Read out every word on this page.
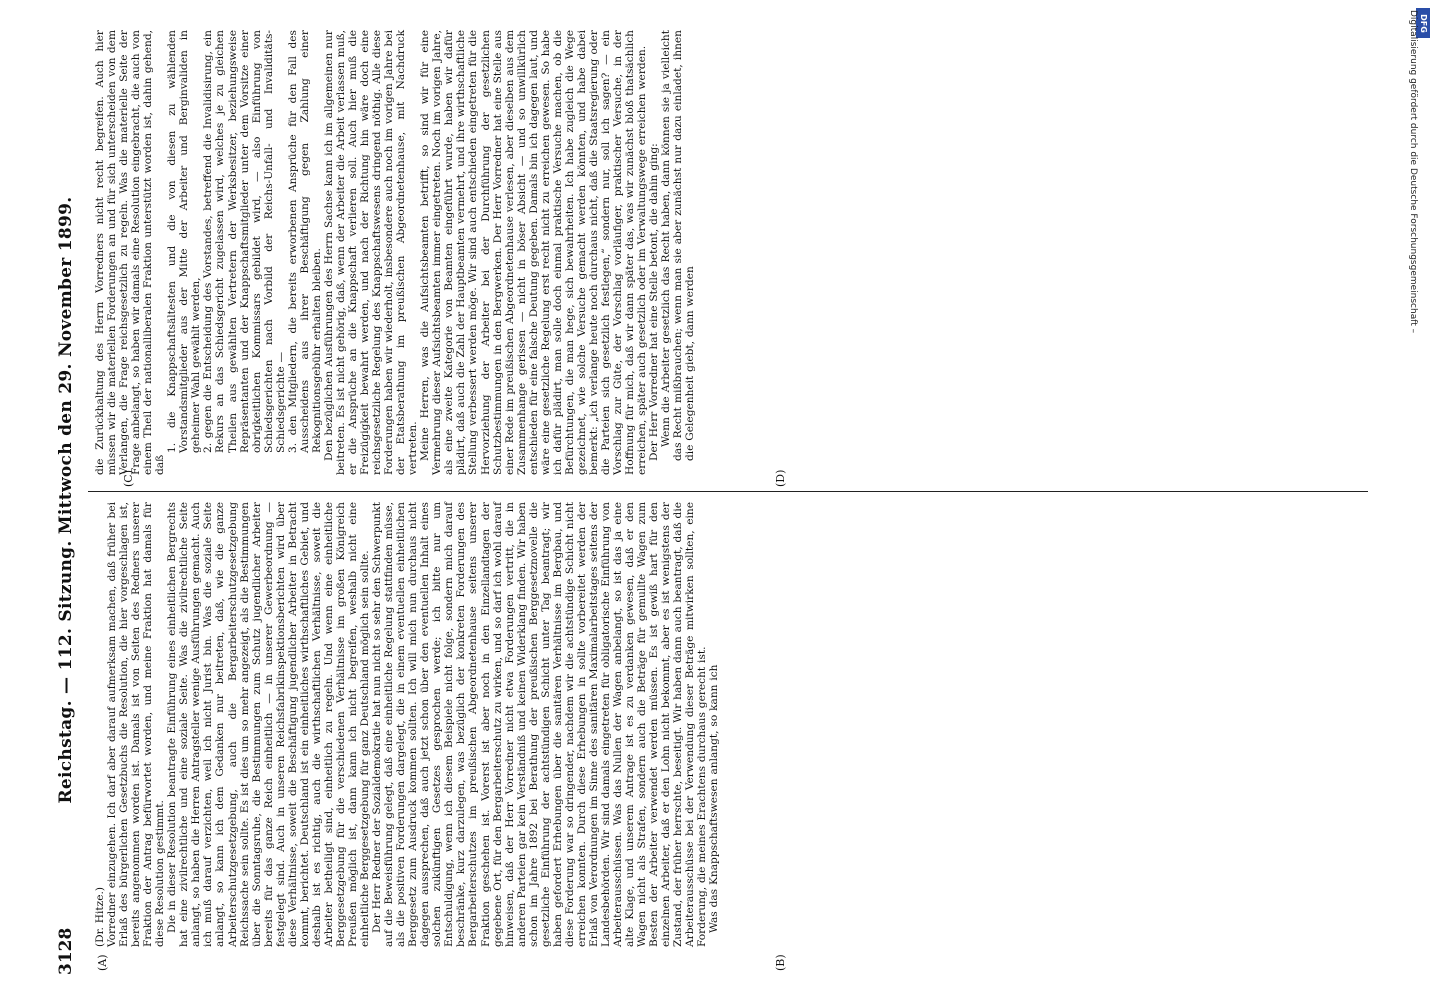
3128
Reichstag. — 112. Sitzung. Mittwoch den 29. November 1899.

(Dr. Hitze.) Vorredner einzugehen. Ich darf aber darauf aufmerksam machen, daß früher bei Erlaß des bürgerlichen Gesetzbuchs die Resolution, die hier vorgeschlagen ist, bereits angenommen worden ist. Damals ist von Seiten des Redners unserer Fraktion der Antrag befürwortet worden, und meine Fraktion hat damals für diese Resolution gestimmt. Die in dieser Resolution beantragte Einführung eines einheitlichen Bergrechts hat eine zivilrechtliche und eine soziale Seite. Was die zivilrechtliche Seite anlangt, so haben die Herren Antragsteller wenige Ausführungen gemacht. Auch ich muß darauf verzichten, weil ich nicht Jurist bin. Was die soziale Seite anlangt, so kann ich dem Gedanken nur beitreten, daß, wie die ganze Arbeiterschutzgesetzgebung, auch die Bergarbeiterschutzgesetzgebung Reichssache sein sollte. Es ist dies um so mehr angezeigt, als die Bestimmungen über die Sonntagsruhe, die Bestimmungen zum Schutz jugendlicher Arbeiter bereits für das ganze Reich einheitlich — in unserer Gewerbeordnung — festgelegt sind. Auch in unseren Reichsfabrikinspektionsberichten wird über diese Verhältnisse, soweit die Beschäftigung jugendlicher Arbeiter in Betracht kommt, berichtet. Deutschland ist ein einheitliches wirthschaftliches Gebiet, und deshalb ist es richtig, auch die wirthschaftlichen Verhältnisse, soweit die Arbeiter betheiligt sind, einheitlich zu regeln. Und wenn eine einheitliche Berggesetzgebung für die verschiedenen Verhältnisse im großen Königreich Preußen möglich ist, dann kann ich nicht begreifen, weshalb nicht eine einheitliche Berggesetzgebung für ganz Deutschland möglich sein sollte. Der Herr Redner der Sozialdemokratie hat nun nicht so sehr den Schwerpunkt auf die Beweisführung gelegt, daß eine einheitliche Regelung stattfinden müsse, als die positiven Forderungen dargelegt, die in einem eventuellen einheitlichen Berggesetz zum Ausdruck kommen sollten. Ich will mich nun durchaus nicht dagegen aussprechen, daß auch jetzt schon über den eventuellen Inhalt eines solchen zukünftigen Gesetzes gesprochen werde; ich bitte nur um Entschuldigung, wenn ich diesem Beispiele nicht folge, sondern mich darauf beschränke, kurz darzulegen, was bezüglich der konkreten Forderungen des Bergarbeiterschutzes im preußischen Abgeordnetenhause seitens unserer Fraktion geschehen ist. Vorerst ist aber noch in den Einzellandtagen der gegebene Ort, für den Bergarbeiterschutz zu wirken, und so darf ich wohl darauf hinweisen, daß der Herr Vorredner nicht etwa Forderungen vertritt, die in anderen Parteien gar kein Verständniß und keinen Widerklang finden. Wir haben schon im Jahre 1892 bei Berathung der preußischen Berggesetznovelle die gesetzliche Einführung der achtstündigen Schicht unter Tag beantragt; wir haben gefordert Erhebungen über die sanitären Verhältnisse im Bergbau, und diese Forderung war so dringender, nachdem wir die achtstündige Schicht nicht erreichen konnten. Durch diese Erhebungen in sollte vorbereitet werden der Erlaß von Verordnungen im Sinne des sanitären Maximalarbeitstages seitens der Landesbehörden. Wir sind damals eingetreten für obligatorische Einführung von Arbeiterausschüssen. Was das Nullen der Wagen anbelangt, so ist das ja eine alte Klage, und unserem Antrage ist es zu verdanken gewesen, daß er den Wagen nicht als Strafen, sondern auch die Beträge für gemullte Wagen zum Besten der Arbeiter verwendet werden müssen. Es ist gewiß hart für den einzelnen Arbeiter, daß er den Lohn nicht bekommt, aber es ist wenigstens der Zustand, der früher herrschte, beseitigt. Wir haben dann auch beantragt, daß die Arbeiterausschüsse bei der Verwendung dieser Beträge mitwirken sollten, eine Forderung, die meines Erachtens durchaus gerecht ist. Was das Knappschaftswesen anlangt, so kann ich

die Zurückhaltung des Herrn Vorredners nicht recht begreifen. Auch hier müssen wir die materiellen Forderungen an und für sich unterscheiden von dem Verlangen, die Frage reichsgesetzlich zu regeln. Was die materielle Seite der Frage anbelangt, so haben wir damals eine Resolution eingebracht, die auch von einem Theil der nationalliberalen Fraktion unterstützt worden ist, dahin gehend, daß

1. die Knappschaftsältesten und die von diesen zu wählenden Vorstandsmitglieder aus der Mitte der Arbeiter und Berginvaliden in geheimer Wahl gewählt werden, 2. gegen die Entscheidung des Vorstandes, betreffend die Invalidisirung, ein Rekurs an das Schiedsgericht zugelassen wird, welches je zu gleichen Theilen aus gewählten Vertretern der Werksbesitzer, beziehungsweise Repräsentanten und der Knappschaftsmitglieder unter dem Vorsitze einer obrigkeitlichen Kommissars gebildet wird, — also Einführung von Schiedsgerichten nach Vorbild der Reichs-Unfall- und Invaliditäts-Schiedsgerichte — 3. den Mitgliedern, die bereits erworbenen Ansprüche für den Fall des Ausscheidens aus ihrer Beschäftigung gegen Zahlung einer Rekognitionsgebühr erhalten bleiben. Den bezüglichen Ausführungen des Herrn Sachse kann ich im allgemeinen nur beitreten. Es ist nicht gehörig, daß, wenn der Arbeiter die Arbeit verlassen muß, er die Ansprüche an die Knappschaft verlieren soll. Auch hier muß die Freizügigkeit bewahrt werden, und nach der Richtung hin wäre doch eine reichsgesetzliche Regelung des Knappschaftswesens dringend nöthig. Alle diese Forderungen haben wir wiederholt, insbesondere auch noch im vorigen Jahre bei der Etatsberathung im preußischen Abgeordnetenhause, mit Nachdruck vertreten. Meine Herren, was die Aufsichtsbeamten betrifft, so sind wir für eine Vermehrung dieser Aufsichtsbeamten immer eingetreten. Noch im vorigen Jahre, als eine zweite Kategorie von Beamten eingeführt wurde, haben wir dafür plädirt, daß auch die Zahl der Hauptbeamten vermehrt, und ihre wirthschaftliche Stellung verbessert werden möge. Wir sind auch entschieden eingetreten für die Hervorziehung der Arbeiter bei der Durchführung der gesetzlichen Schutzbestimmungen in den Bergwerken. Der Herr Vorredner hat eine Stelle aus einer Rede im preußischen Abgeordnetenhause verlesen, aber dieselben aus dem Zusammenhange gerissen — nicht in böser Absicht — und so unwillkürlich entschieden für eine falsche Deutung gegeben. Damals bin ich dagegen laut, und wäre eine gesetzliche Regelung erst recht nicht zu erreichen gewesen. So habe ich dafür plädirt, man solle doch einmal praktische Versuche machen, ob die Befürchtungen, die man hege, sich bewahrheiten. Ich habe zugleich die Wege gezeichnet, wie solche Versuche gemacht werden könnten, und habe dabei bemerkt: „ich verlange heute noch durchaus nicht, daß die Staatsregierung oder die Parteien sich gesetzlich festlegen,“ sondern nur, soll ich sagen? — ein Vorschlag zur Güte, der Vorschlag vorläufiger, praktischer Versuche, in der Hoffnung für mich, daß wir dann später das, was wir zunächst bloß thatsächlich erreichen, später auch gesetzlich oder im Verwaltungswege erreichen werden. Der Herr Vorredner hat eine Stelle betont, die dahin ging: Wenn die Arbeiter gesetzlich das Recht haben, dann können sie ja vielleicht das Recht mißbrauchen; wenn man sie aber zunächst nur dazu einladet, ihnen die Gelegenheit giebt, dann werden

(A)	(B)
(C)	(D)
DFG
Digitalisierung gefördert durch die Deutsche Forschungsgemeinschaft –
